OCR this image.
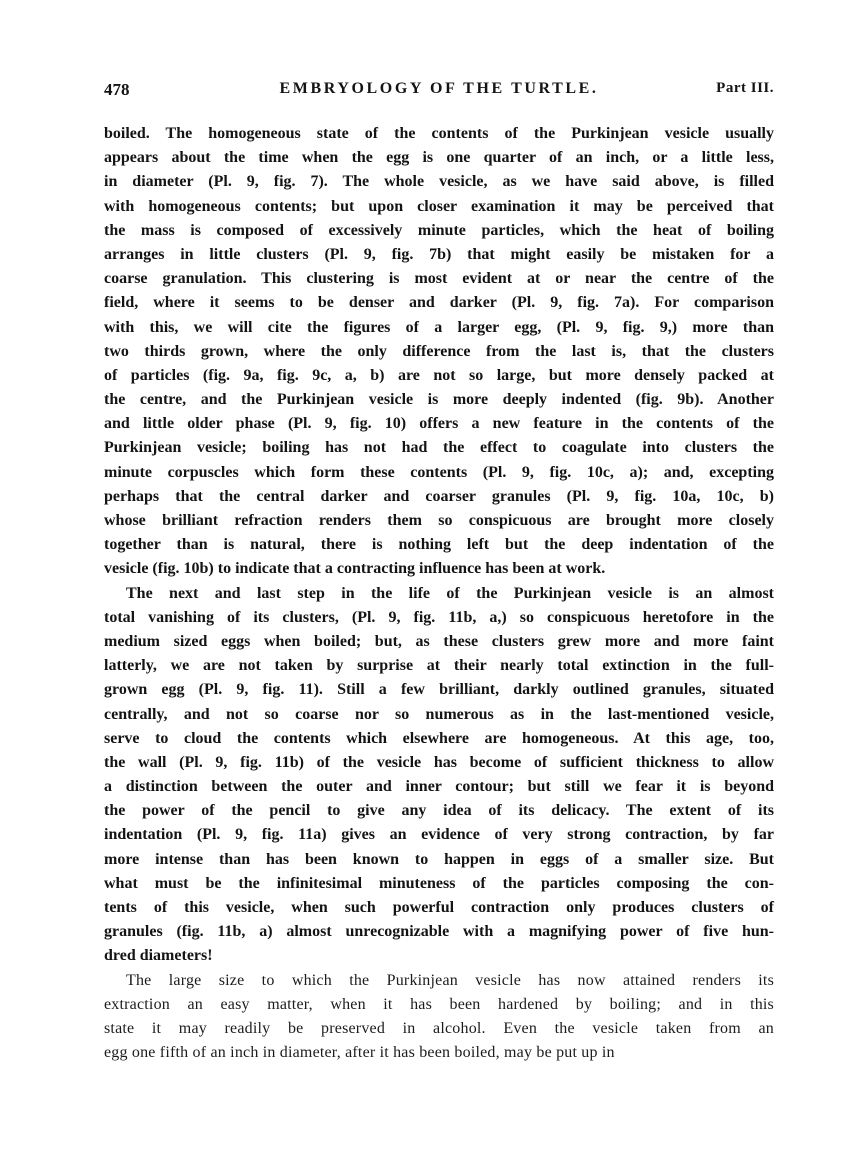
478	EMBRYOLOGY OF THE TURTLE.	Part III.
boiled. The homogeneous state of the contents of the Purkinjean vesicle usually
appears about the time when the egg is one quarter of an inch, or a little less,
in diameter (Pl. 9, fig. 7). The whole vesicle, as we have said above, is filled
with homogeneous contents; but upon closer examination it may be perceived that
the mass is composed of excessively minute particles, which the heat of boiling
arranges in little clusters (Pl. 9, fig. 7b) that might easily be mistaken for a
coarse granulation. This clustering is most evident at or near the centre of the
field, where it seems to be denser and darker (Pl. 9, fig. 7a). For comparison
with this, we will cite the figures of a larger egg, (Pl. 9, fig. 9,) more than
two thirds grown, where the only difference from the last is, that the clusters
of particles (fig. 9a, fig. 9c, a, b) are not so large, but more densely packed at
the centre, and the Purkinjean vesicle is more deeply indented (fig. 9b). Another
and little older phase (Pl. 9, fig. 10) offers a new feature in the contents of the
Purkinjean vesicle; boiling has not had the effect to coagulate into clusters the
minute corpuscles which form these contents (Pl. 9, fig. 10c, a); and, excepting
perhaps that the central darker and coarser granules (Pl. 9, fig. 10a, 10c, b)
whose brilliant refraction renders them so conspicuous are brought more closely
together than is natural, there is nothing left but the deep indentation of the
vesicle (fig. 10b) to indicate that a contracting influence has been at work.
The next and last step in the life of the Purkinjean vesicle is an almost
total vanishing of its clusters, (Pl. 9, fig. 11b, a,) so conspicuous heretofore in the
medium sized eggs when boiled; but, as these clusters grew more and more faint
latterly, we are not taken by surprise at their nearly total extinction in the full-
grown egg (Pl. 9, fig. 11). Still a few brilliant, darkly outlined granules, situated
centrally, and not so coarse nor so numerous as in the last-mentioned vesicle,
serve to cloud the contents which elsewhere are homogeneous. At this age, too,
the wall (Pl. 9, fig. 11b) of the vesicle has become of sufficient thickness to allow
a distinction between the outer and inner contour; but still we fear it is beyond
the power of the pencil to give any idea of its delicacy. The extent of its
indentation (Pl. 9, fig. 11a) gives an evidence of very strong contraction, by far
more intense than has been known to happen in eggs of a smaller size. But
what must be the infinitesimal minuteness of the particles composing the con-
tents of this vesicle, when such powerful contraction only produces clusters of
granules (fig. 11b, a) almost unrecognizable with a magnifying power of five hun-
dred diameters!
The large size to which the Purkinjean vesicle has now attained renders its
extraction an easy matter, when it has been hardened by boiling; and in this
state it may readily be preserved in alcohol. Even the vesicle taken from an
egg one fifth of an inch in diameter, after it has been boiled, may be put up in
